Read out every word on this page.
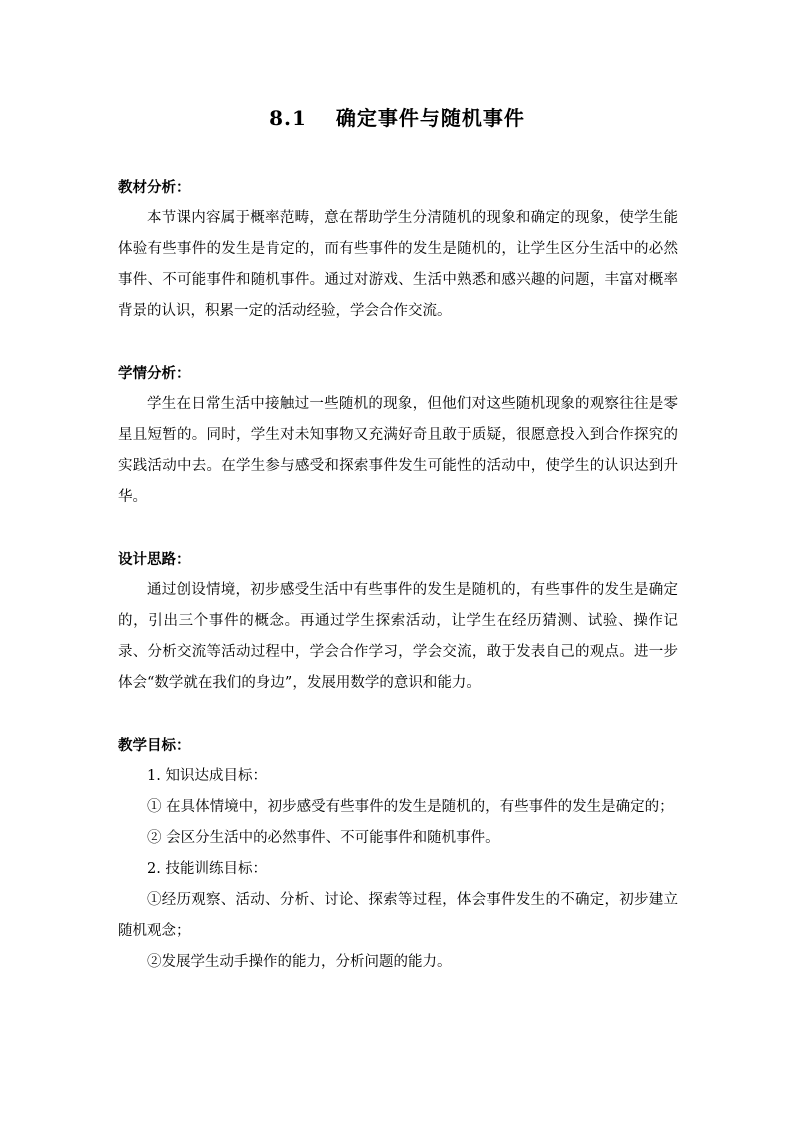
8.1　 确定事件与随机事件

教材分析：

本节课内容属于概率范畴，意在帮助学生分清随机的现象和确定的现象，使学生能体验有些事件的发生是肯定的，而有些事件的发生是随机的，让学生区分生活中的必然事件、不可能事件和随机事件。通过对游戏、生活中熟悉和感兴趣的问题，丰富对概率背景的认识，积累一定的活动经验，学会合作交流。

学情分析：

学生在日常生活中接触过一些随机的现象，但他们对这些随机现象的观察往往是零星且短暂的。同时，学生对未知事物又充满好奇且敢于质疑，很愿意投入到合作探究的实践活动中去。在学生参与感受和探索事件发生可能性的活动中，使学生的认识达到升华。

设计思路：

通过创设情境，初步感受生活中有些事件的发生是随机的，有些事件的发生是确定的，引出三个事件的概念。再通过学生探索活动，让学生在经历猜测、试验、操作记录、分析交流等活动过程中，学会合作学习，学会交流，敢于发表自己的观点。进一步体会“数学就在我们的身边”，发展用数学的意识和能力。

教学目标：

1. 知识达成目标：

① 在具体情境中，初步感受有些事件的发生是随机的，有些事件的发生是确定的；

② 会区分生活中的必然事件、不可能事件和随机事件。

2. 技能训练目标：

①经历观察、活动、分析、讨论、探索等过程，体会事件发生的不确定，初步建立随机观念；

②发展学生动手操作的能力，分析问题的能力。
